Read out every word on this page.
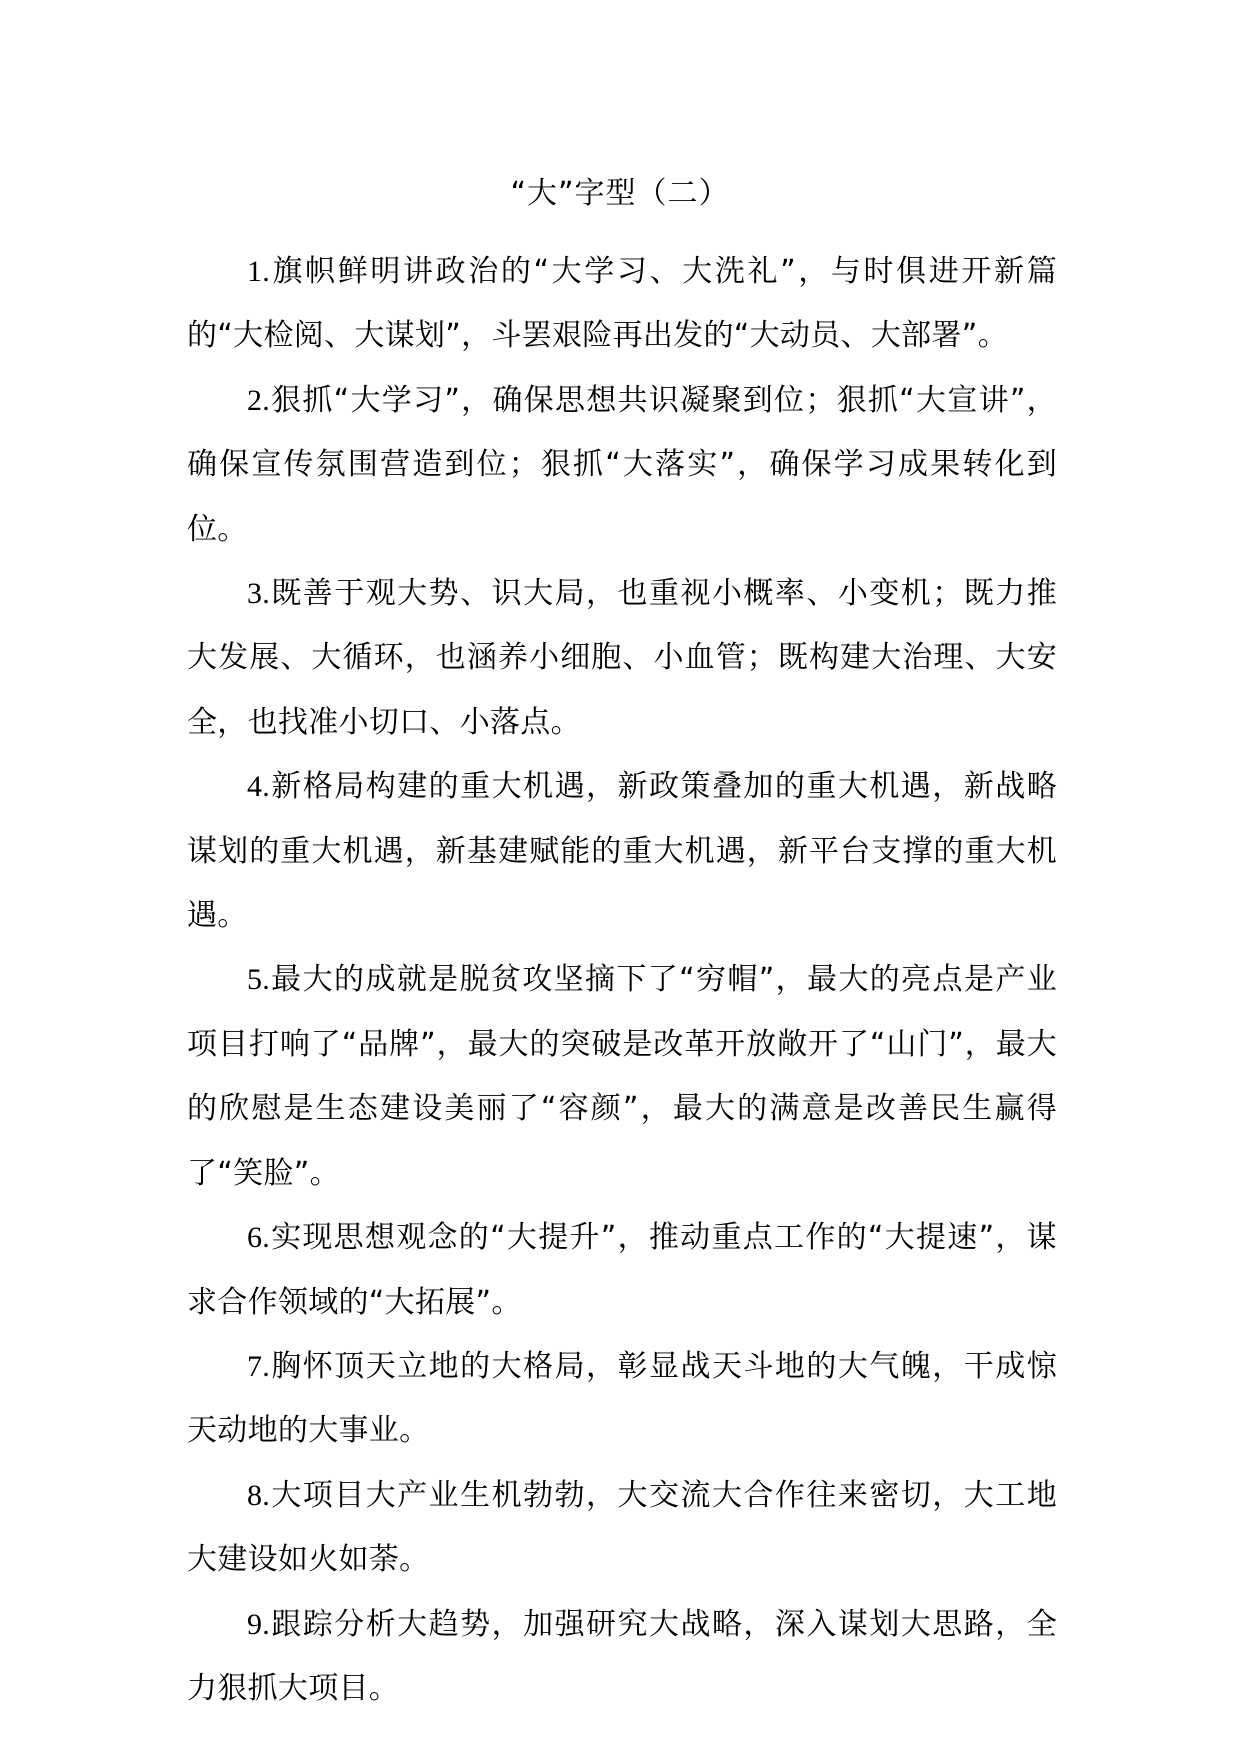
“大”字型（二）

1.旗帜鲜明讲政治的“大学习、大洗礼”，与时俱进开新篇的“大检阅、大谋划”，斗罢艰险再出发的“大动员、大部署”。

2.狠抓“大学习”，确保思想共识凝聚到位；狠抓“大宣讲”，确保宣传氛围营造到位；狠抓“大落实”，确保学习成果转化到位。

3.既善于观大势、识大局，也重视小概率、小变机；既力推大发展、大循环，也涵养小细胞、小血管；既构建大治理、大安全，也找准小切口、小落点。

4.新格局构建的重大机遇，新政策叠加的重大机遇，新战略谋划的重大机遇，新基建赋能的重大机遇，新平台支撑的重大机遇。

5.最大的成就是脱贫攻坚摘下了“穷帽”，最大的亮点是产业项目打响了“品牌”，最大的突破是改革开放敞开了“山门”，最大的欣慰是生态建设美丽了“容颜”，最大的满意是改善民生赢得了“笑脸”。

6.实现思想观念的“大提升”，推动重点工作的“大提速”，谋求合作领域的“大拓展”。

7.胸怀顶天立地的大格局，彰显战天斗地的大气魄，干成惊天动地的大事业。

8.大项目大产业生机勃勃，大交流大合作往来密切，大工地大建设如火如荼。

9.跟踪分析大趋势，加强研究大战略，深入谋划大思路，全力狠抓大项目。
